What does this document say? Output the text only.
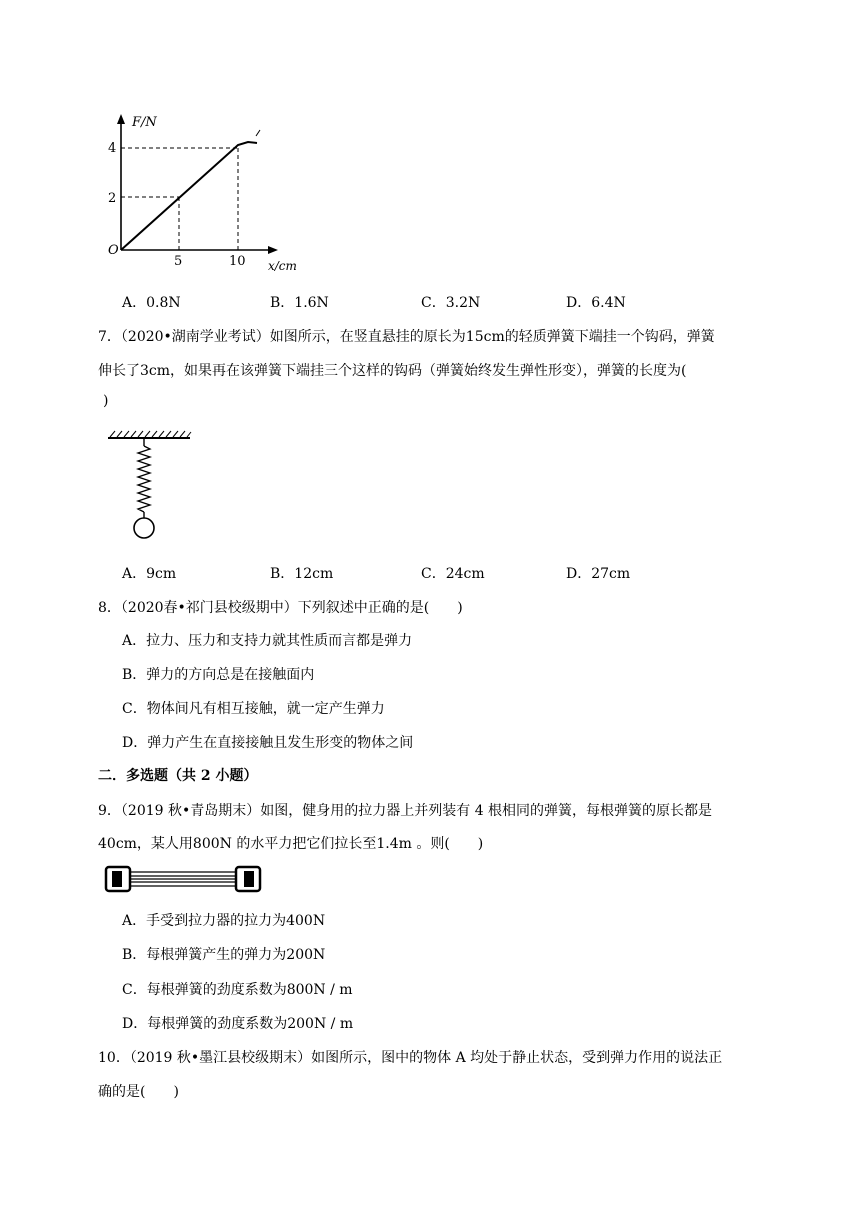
F/N
4
2
O
5	10 x/cm
A．0.8N	B．1.6N	C．3.2N	D．6.4N
7．（2020•湖南学业考试）如图所示，在竖直悬挂的原长为15cm的轻质弹簧下端挂一个钩码，弹簧
伸长了3cm，如果再在该弹簧下端挂三个这样的钩码（弹簧始终发生弹性形变），弹簧的长度为(
)
A．9cm	B．12cm	C．24cm	D．27cm
8．（2020春•祁门县校级期中）下列叙述中正确的是(　　)
A．拉力、压力和支持力就其性质而言都是弹力
B．弹力的方向总是在接触面内
C．物体间凡有相互接触，就一定产生弹力
D．弹力产生在直接接触且发生形变的物体之间
二．多选题（共 2 小题）
9．（2019 秋•青岛期末）如图，健身用的拉力器上并列装有 4 根相同的弹簧，每根弹簧的原长都是
40cm，某人用800N 的水平力把它们拉长至1.4m 。则(　　)
A．手受到拉力器的拉力为400N
B．每根弹簧产生的弹力为200N
C．每根弹簧的劲度系数为800N / m
D．每根弹簧的劲度系数为200N / m
10．（2019 秋•墨江县校级期末）如图所示，图中的物体 A 均处于静止状态，受到弹力作用的说法正
确的是(　　)
